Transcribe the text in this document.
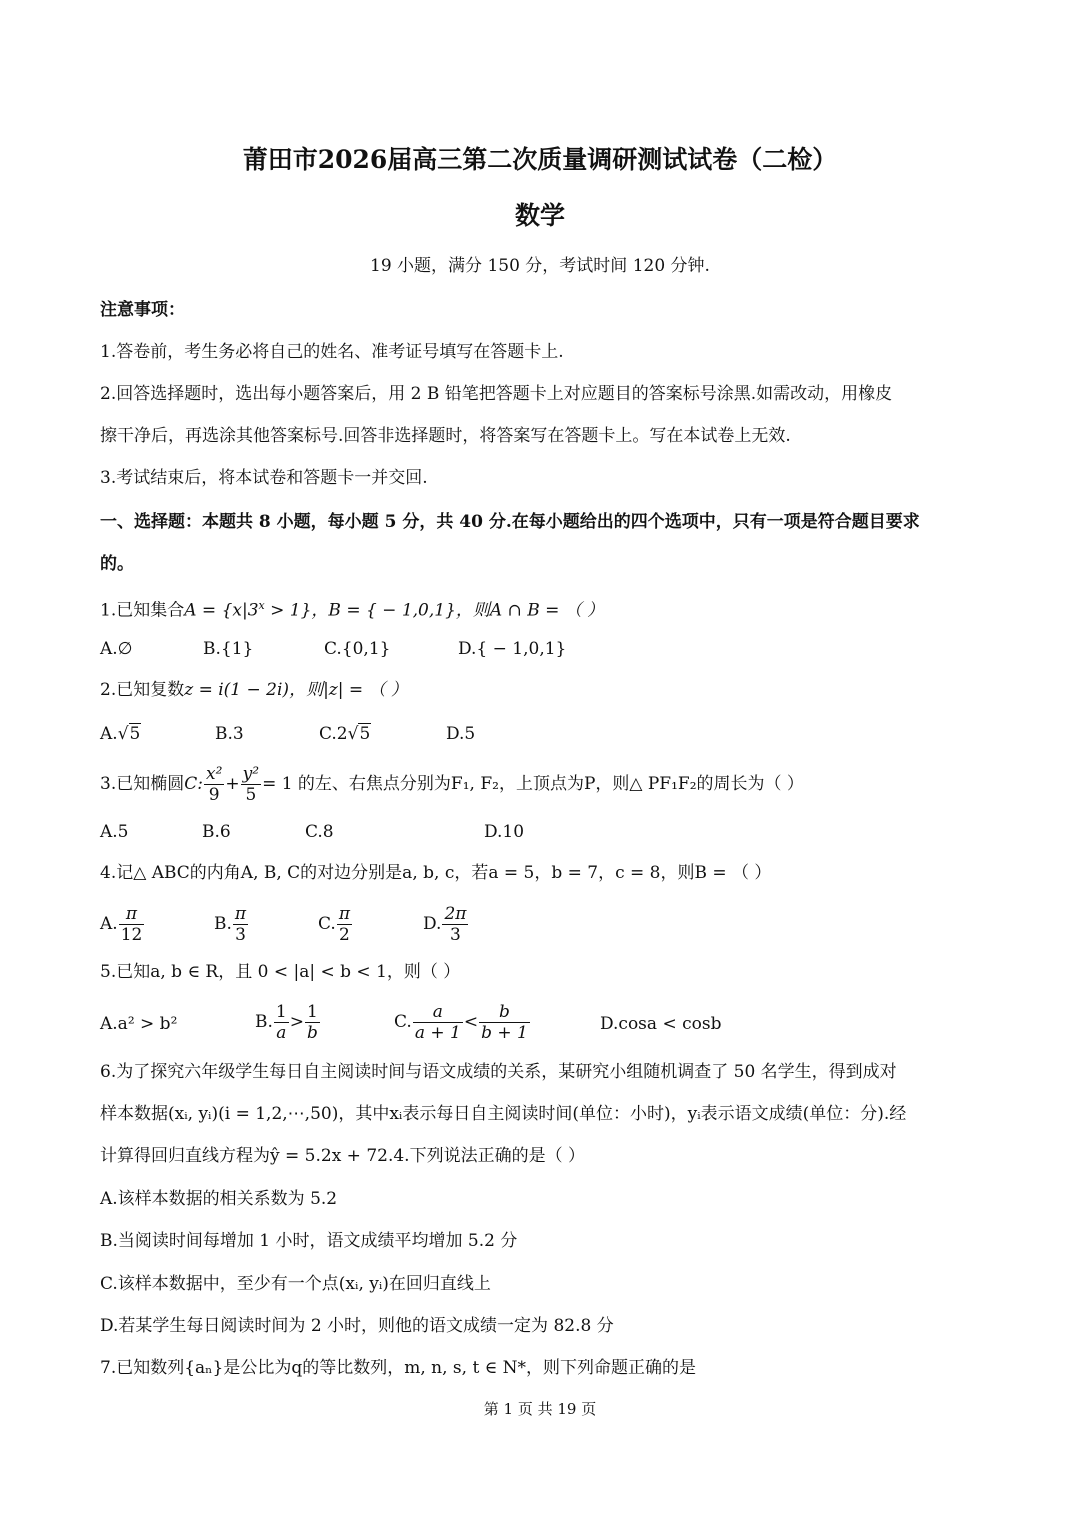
莆田市2026届高三第二次质量调研测试试卷（二检）
数学
19 小题，满分 150 分，考试时间 120 分钟.
注意事项：
1.答卷前，考生务必将自己的姓名、准考证号填写在答题卡上.
2.回答选择题时，选出每小题答案后，用 2 B 铅笔把答题卡上对应题目的答案标号涂黑.如需改动，用橡皮
擦干净后，再选涂其他答案标号.回答非选择题时，将答案写在答题卡上。写在本试卷上无效.
3.考试结束后，将本试卷和答题卡一并交回.
一、选择题：本题共 8 小题，每小题 5 分，共 40 分.在每小题给出的四个选项中，只有一项是符合题目要求
的。
1.已知集合$A = \{x|3^x > 1\}$，B = { − 1,0,1}，则A ∩ B = （ ）
A.∅	B.{1}	C.{0,1}	D.{ − 1,0,1}
2.已知复数z = i(1 − 2i)，则|z| = （ ）
A.√5	B.3	C.2√5	D.5
3.已知椭圆C: $\frac{\text{x²}}{9} + \frac{\text{y²}}{5} = 1$ 的左、右焦点分别为F₁, F₂，上顶点为P，则△ PF₁F₂的周长为（ ）
A.5	B.6	C.8	D.10
4.记△ ABC的内角A, B, C的对边分别是a, b, c，若a = 5，b = 7，c = 8，则B = （ ）
A. $\frac{\pi}{12}$	B. $\frac{\pi}{3}$	C. $\frac{\pi}{2}$	D. $\frac{2\pi}{3}$
5.已知a, b ∈ R，且 0 < |a| < b < 1，则（ ）
A.a² > b²	B. $\frac{1}{a} > \frac{1}{b}$	C. $\frac{a}{a + 1} < \frac{b}{b + 1}$	D.cosa < cosb
6.为了探究六年级学生每日自主阅读时间与语文成绩的关系，某研究小组随机调查了 50 名学生，得到成对
样本数据(xᵢ, yᵢ)(i = 1,2,⋯,50)，其中xᵢ表示每日自主阅读时间(单位：小时)，yᵢ表示语文成绩(单位：分).经
计算得回归直线方程为ŷ = 5.2x + 72.4.下列说法正确的是（ ）
A.该样本数据的相关系数为 5.2
B.当阅读时间每增加 1 小时，语文成绩平均增加 5.2 分
C.该样本数据中，至少有一个点(xᵢ, yᵢ)在回归直线上
D.若某学生每日阅读时间为 2 小时，则他的语文成绩一定为 82.8 分
7.已知数列{aₙ}是公比为q的等比数列，m, n, s, t ∈ N*，则下列命题正确的是
第 1 页 共 19 页
